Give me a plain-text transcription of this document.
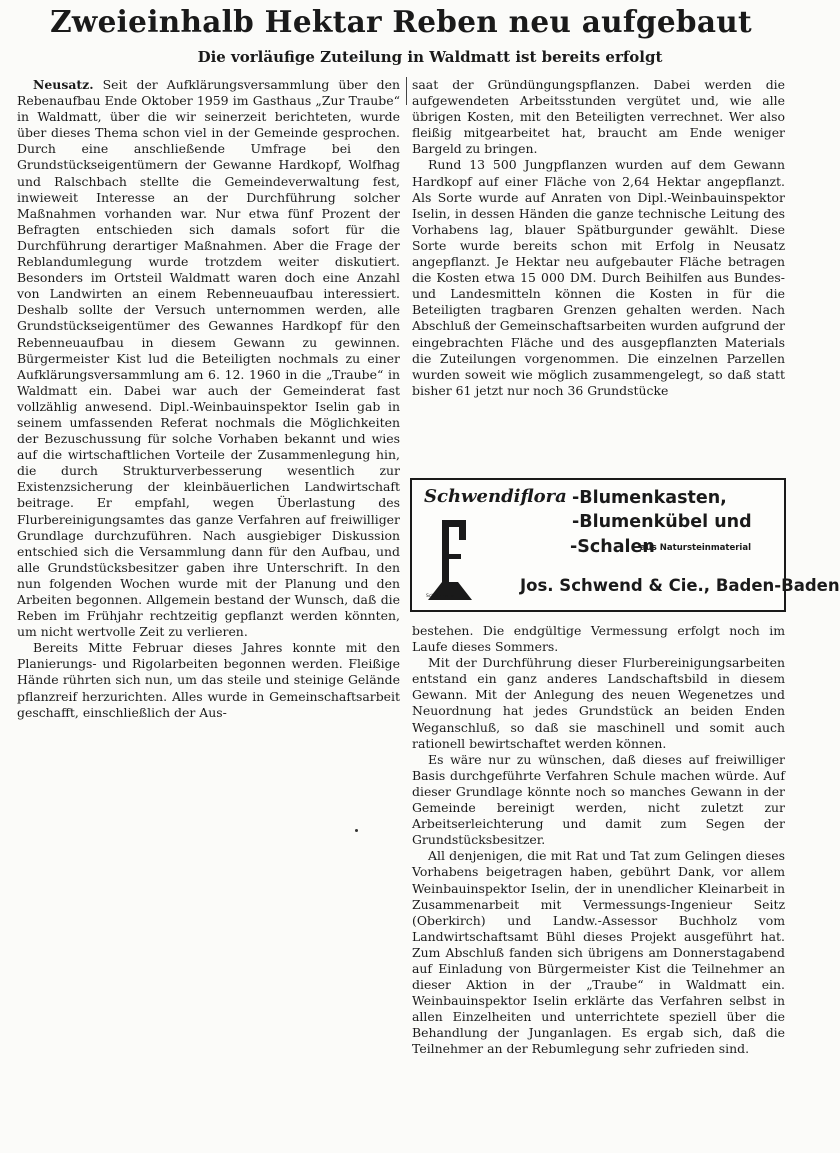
Zweieinhalb Hektar Reben neu aufgebaut
Die vorläufige Zuteilung in Waldmatt ist bereits erfolgt

Neusatz. Seit der Aufklärungsversammlung über den Rebenaufbau Ende Oktober 1959 im Gasthaus „Zur Traube“ in Waldmatt, über die wir seinerzeit berichteten, wurde über dieses Thema schon viel in der Gemeinde gesprochen. Durch eine anschließende Umfrage bei den Grundstückseigentümern der Gewanne Hardkopf, Wolfhag und Ralschbach stellte die Gemeindeverwaltung fest, inwieweit Interesse an der Durchführung solcher Maßnahmen vorhanden war. Nur etwa fünf Prozent der Befragten entschieden sich damals sofort für die Durchführung derartiger Maßnahmen. Aber die Frage der Reblandumlegung wurde trotzdem weiter diskutiert. Besonders im Ortsteil Waldmatt waren doch eine Anzahl von Landwirten an einem Rebenneuaufbau interessiert. Deshalb sollte der Versuch unternommen werden, alle Grundstückseigentümer des Gewannes Hardkopf für den Rebenneuaufbau in diesem Gewann zu gewinnen. Bürgermeister Kist lud die Beteiligten nochmals zu einer Aufklärungsversammlung am 6. 12. 1960 in die „Traube“ in Waldmatt ein. Dabei war auch der Gemeinderat fast vollzählig anwesend. Dipl.-Weinbauinspektor Iselin gab in seinem umfassenden Referat nochmals die Möglichkeiten der Bezuschussung für solche Vorhaben bekannt und wies auf die wirtschaftlichen Vorteile der Zusammenlegung hin, die durch Strukturverbesserung wesentlich zur Existenzsicherung der kleinbäuerlichen Landwirtschaft beitrage. Er empfahl, wegen Überlastung des Flurbereinigungsamtes das ganze Verfahren auf freiwilliger Grundlage durchzuführen. Nach ausgiebiger Diskussion entschied sich die Versammlung dann für den Aufbau, und alle Grundstücksbesitzer gaben ihre Unterschrift. In den nun folgenden Wochen wurde mit der Planung und den Arbeiten begonnen. Allgemein bestand der Wunsch, daß die Reben im Frühjahr rechtzeitig gepflanzt werden könnten, um nicht wertvolle Zeit zu verlieren.

Bereits Mitte Februar dieses Jahres konnte mit den Planierungs- und Rigolarbeiten begonnen werden. Fleißige Hände rührten sich nun, um das steile und steinige Gelände pflanzreif herzurichten. Alles wurde in Gemeinschaftsarbeit geschafft, einschließlich der Aus-

saat der Gründüngungspflanzen. Dabei werden die aufgewendeten Arbeitsstunden vergütet und, wie alle übrigen Kosten, mit den Beteiligten verrechnet. Wer also fleißig mitgearbeitet hat, braucht am Ende weniger Bargeld zu bringen.

Rund 13 500 Jungpflanzen wurden auf dem Gewann Hardkopf auf einer Fläche von 2,64 Hektar angepflanzt. Als Sorte wurde auf Anraten von Dipl.-Weinbauinspektor Iselin, in dessen Händen die ganze technische Leitung des Vorhabens lag, blauer Spätburgunder gewählt. Diese Sorte wurde bereits schon mit Erfolg in Neusatz angepflanzt. Je Hektar neu aufgebauter Fläche betragen die Kosten etwa 15 000 DM. Durch Beihilfen aus Bundes- und Landesmitteln können die Kosten in für die Beteiligten tragbaren Grenzen gehalten werden. Nach Abschluß der Gemeinschaftsarbeiten wurden aufgrund der eingebrachten Fläche und des ausgepflanzten Materials die Zuteilungen vorgenommen. Die einzelnen Parzellen wurden soweit wie möglich zusammengelegt, so daß statt bisher 61 jetzt nur noch 36 Grundstücke

Schwendiflora -Blumenkasten,
-Blumenkübel und
-Schalen
aus Natursteinmaterial
Jos. Schwend & Cie., Baden-Baden
Schutzmarke

bestehen. Die endgültige Vermessung erfolgt noch im Laufe dieses Sommers.

Mit der Durchführung dieser Flurbereinigungsarbeiten entstand ein ganz anderes Landschaftsbild in diesem Gewann. Mit der Anlegung des neuen Wegenetzes und Neuordnung hat jedes Grundstück an beiden Enden Weganschluß, so daß sie maschinell und somit auch rationell bewirtschaftet werden können.

Es wäre nur zu wünschen, daß dieses auf freiwilliger Basis durchgeführte Verfahren Schule machen würde. Auf dieser Grundlage könnte noch so manches Gewann in der Gemeinde bereinigt werden, nicht zuletzt zur Arbeitserleichterung und damit zum Segen der Grundstücksbesitzer.

All denjenigen, die mit Rat und Tat zum Gelingen dieses Vorhabens beigetragen haben, gebührt Dank, vor allem Weinbauinspektor Iselin, der in unendlicher Kleinarbeit in Zusammenarbeit mit Vermessungs-Ingenieur Seitz (Oberkirch) und Landw.-Assessor Buchholz vom Landwirtschaftsamt Bühl dieses Projekt ausgeführt hat. Zum Abschluß fanden sich übrigens am Donnerstagabend auf Einladung von Bürgermeister Kist die Teilnehmer an dieser Aktion in der „Traube“ in Waldmatt ein. Weinbauinspektor Iselin erklärte das Verfahren selbst in allen Einzelheiten und unterrichtete speziell über die Behandlung der Junganlagen. Es ergab sich, daß die Teilnehmer an der Rebumlegung sehr zufrieden sind.
